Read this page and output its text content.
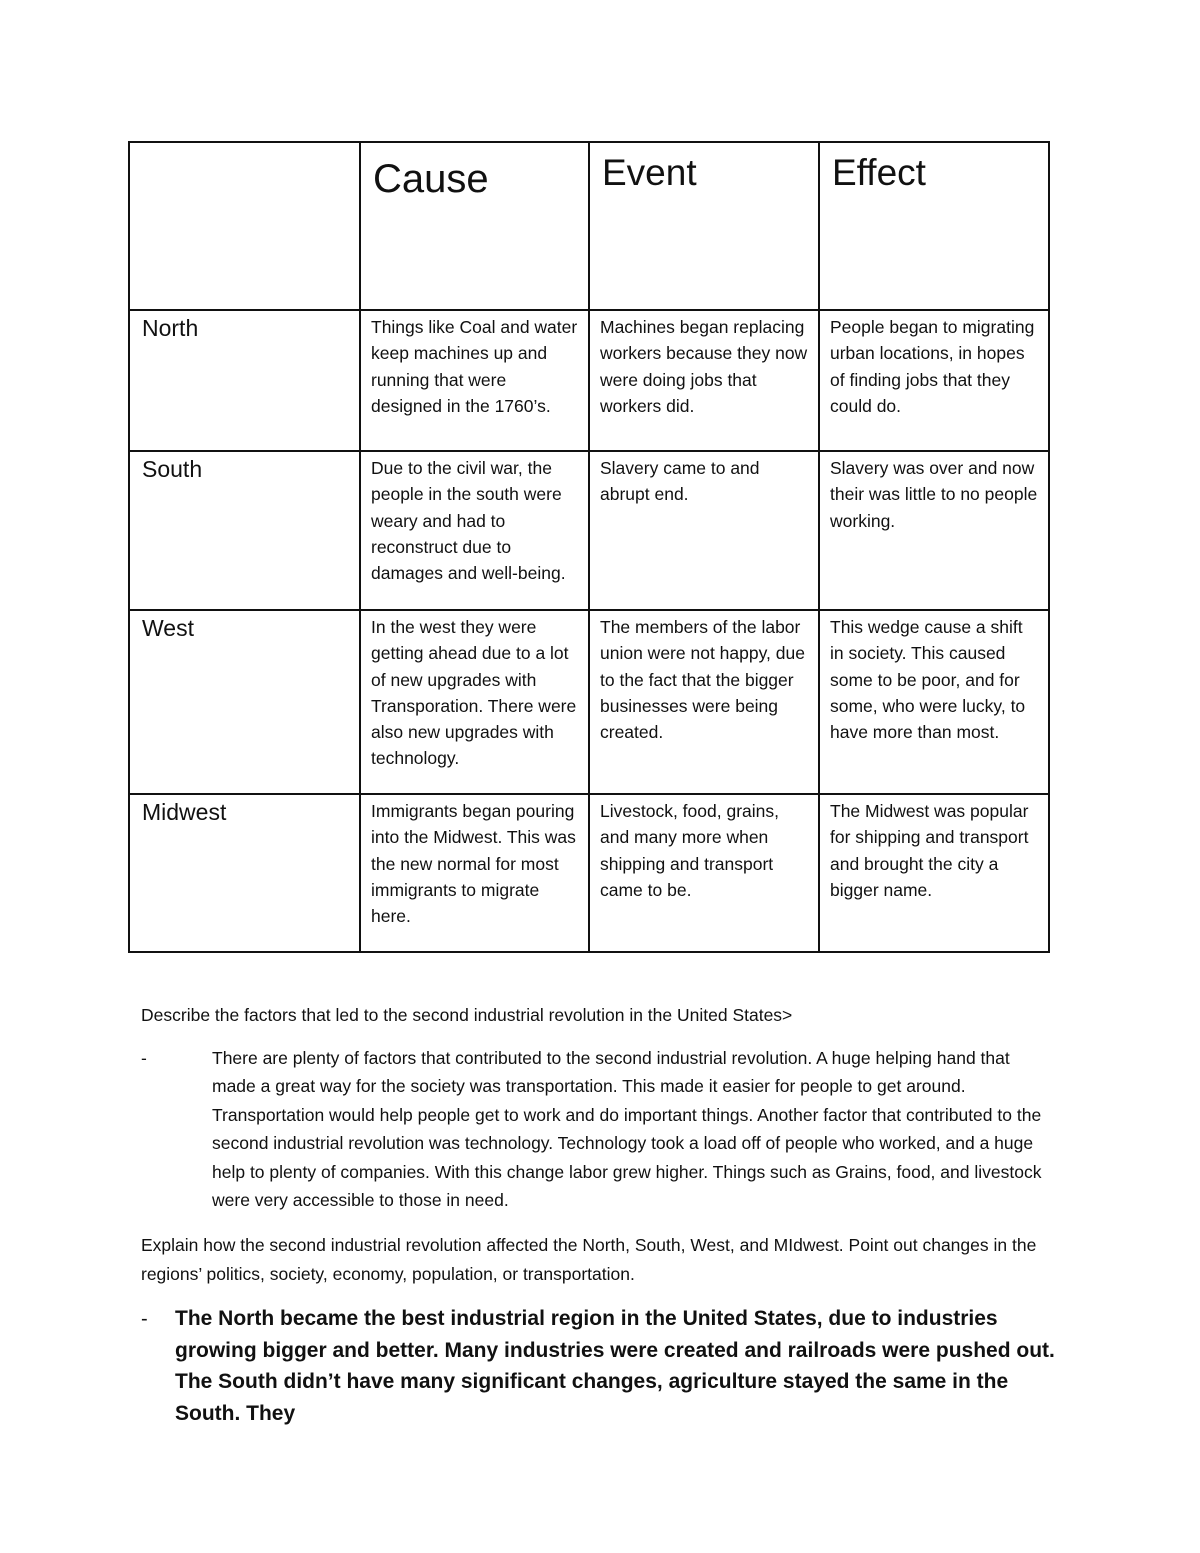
	Cause	Event	Effect

North	Things like Coal and water keep machines up and running that were designed in the 1760’s.	Machines began replacing workers because they now were doing jobs that workers did.	People began to migrating urban locations, in hopes of finding jobs that they could do.

South	Due to the civil war, the people in the south were weary and had to reconstruct due to damages and well-being.	Slavery came to and abrupt end.	Slavery was over and now their was little to no people working.

West	In the west they were getting ahead due to a lot of new upgrades with Transporation. There were also new upgrades with technology.	The members of the labor union were not happy, due to the fact that the bigger businesses were being created.	This wedge cause a shift in society. This caused some to be poor, and for some, who were lucky, to have more than most.

Midwest	Immigrants began pouring into the Midwest. This was the new normal for most immigrants to migrate here.	Livestock, food, grains, and many more when shipping and transport came to be.	The Midwest was popular for shipping and transport and brought the city a bigger name.

Describe the factors that led to the second industrial revolution in the United States>

-	There are plenty of factors that contributed to the second industrial revolution. A huge helping hand that made a great way for the society was transportation. This made it easier for people to get around. Transportation would help people get to work and do important things. Another factor that contributed to the second industrial revolution was technology. Technology took a load off of people who worked, and a huge help to plenty of companies. With this change labor grew higher. Things such as Grains, food, and livestock were very accessible to those in need.

Explain how the second industrial revolution affected the North, South, West, and MIdwest. Point out changes in the regions’ politics, society, economy, population, or transportation.

- The North became the best industrial region in the United States, due to industries growing bigger and better. Many industries were created and railroads were pushed out. The South didn’t have many significant changes, agriculture stayed the same in the South. They
